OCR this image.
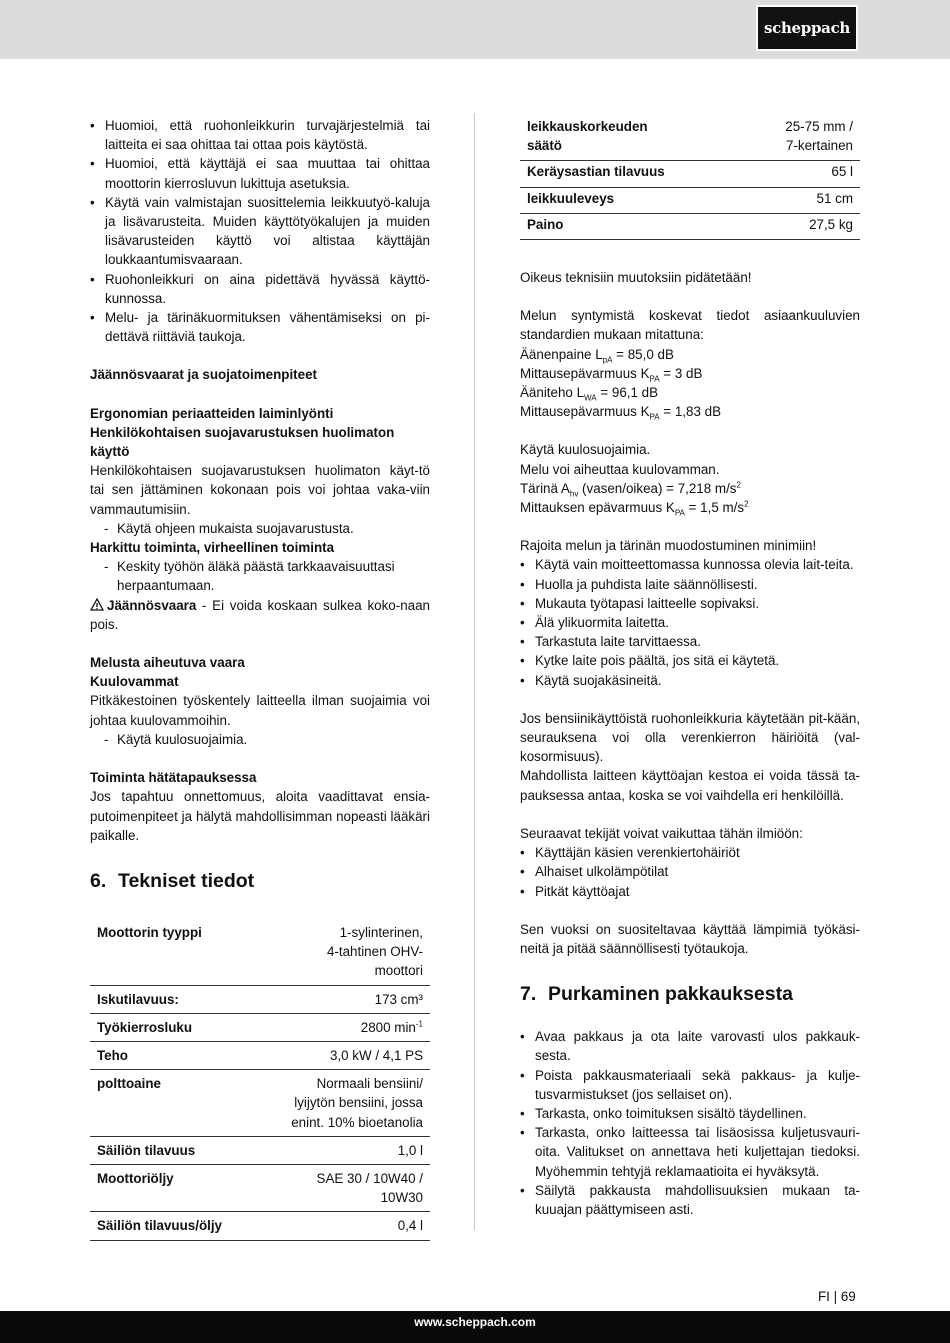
scheppach
• Huomioi, että ruohonleikkurin turvajärjestelmiä tai laitteita ei saa ohittaa tai ottaa pois käytöstä.
• Huomioi, että käyttäjä ei saa muuttaa tai ohittaa moottorin kierrosluvun lukittuja asetuksia.
• Käytä vain valmistajan suosittelemia leikkuutyö-kaluja ja lisävarusteita. Muiden käyttötyökalujen ja muiden lisävarusteiden käyttö voi altistaa käyttäjän loukkaantumisvaaraan.
• Ruohonleikkuri on aina pidettävä hyvässä käyttö-kunnossa.
• Melu- ja tärinäkuormituksen vähentämiseksi on pi-dettävä riittäviä taukoja.

Jäännösvaarat ja suojatoimenpiteet

Ergonomian periaatteiden laiminlyönti

Henkilökohtaisen suojavarustuksen huolimaton käyttö

Henkilökohtaisen suojavarustuksen huolimaton käyt-tö tai sen jättäminen kokonaan pois voi johtaa vaka-viin vammautumisiin.

- Käytä ohjeen mukaista suojavarustusta.

Harkittu toiminta, virheellinen toiminta

- Keskity työhön äläkä päästä tarkkaavaisuuttasi herpaantumaan.

Jäännösvaara - Ei voida koskaan sulkea koko-naan pois.

Melusta aiheutuva vaara

Kuulovammat

Pitkäkestoinen työskentely laitteella ilman suojaimia voi johtaa kuulovammoihin.

- Käytä kuulosuojaimia.

Toiminta hätätapauksessa

Jos tapahtuu onnettomuus, aloita vaadittavat ensia-putoimenpiteet ja hälytä mahdollisimman nopeasti lääkäri paikalle.

6. Tekniset tiedot
Moottorin tyyppi	1-sylinterinen,
4-tahtinen OHV-
moottori
Iskutilavuus:	173 cm³
Työkierrosluku	2800 $\min^{-1}$
Teho	3,0 kW / 4,1 PS
polttoaine	Normaali bensiini/
lyijytön bensiini, jossa
enint. 10% bioetanolia
Säiliön tilavuus	1,0 l
Moottoriöljy	SAE 30 / 10W40 /
10W30
Säiliön tilavuus/öljy	0,4 l
leikkauskorkeuden
säätö	25-75 mm /
7-kertainen
Keräysastian tilavuus	65 l
leikkuuleveys	51 cm
Paino	27,5 kg

Oikeus teknisiin muutoksiin pidätetään!

Melun syntymistä koskevat tiedot asiaankuuluvien standardien mukaan mitattuna:

Äänenpaine $L_{pA} = 85,0$ dB

Mittausepävarmuus $K_{PA} = 3$ dB

Ääniteho $L_{WA} = 96,1$ dB

Mittausepävarmuus $K_{PA} = 1,83$ dB

Käytä kuulosuojaimia.

Melu voi aiheuttaa kuulovamman.

Tärinä $A_{hv}$ (vasen/oikea) = 7,218 $m/s^2$

Mittauksen epävarmuus $K_{PA} = 1,5$ $m/s^2$

Rajoita melun ja tärinän muodostuminen minimiin!

• Käytä vain moitteettomassa kunnossa olevia lait-teita.
• Huolla ja puhdista laite säännöllisesti.
• Mukauta työtapasi laitteelle sopivaksi.
• Älä ylikuormita laitetta.
• Tarkastuta laite tarvittaessa.
• Kytke laite pois päältä, jos sitä ei käytetä.
• Käytä suojakäsineitä.

Jos bensiinikäyttöistä ruohonleikkuria käytetään pit-kään, seurauksena voi olla verenkierron häiriöitä (val-kosormisuus).

Mahdollista laitteen käyttöajan kestoa ei voida tässä ta-pauksessa antaa, koska se voi vaihdella eri henkilöillä.

Seuraavat tekijät voivat vaikuttaa tähän ilmiöön:

• Käyttäjän käsien verenkiertohäiriöt
• Alhaiset ulkolämpötilat
• Pitkät käyttöajat

Sen vuoksi on suositeltavaa käyttää lämpimiä työkäsi-neitä ja pitää säännöllisesti työtaukoja.

7. Purkaminen pakkauksesta
• Avaa pakkaus ja ota laite varovasti ulos pakkauk-sesta.
• Poista pakkausmateriaali sekä pakkaus- ja kulje-tusvarmistukset (jos sellaiset on).
• Tarkasta, onko toimituksen sisältö täydellinen.
• Tarkasta, onko laitteessa tai lisäosissa kuljetusvauri-oita. Valitukset on annettava heti kuljettajan tiedoksi. Myöhemmin tehtyjä reklamaatioita ei hyväksytä.
• Säilytä pakkausta mahdollisuuksien mukaan ta-kuuajan päättymiseen asti.
FI | 69
www.scheppach.com
